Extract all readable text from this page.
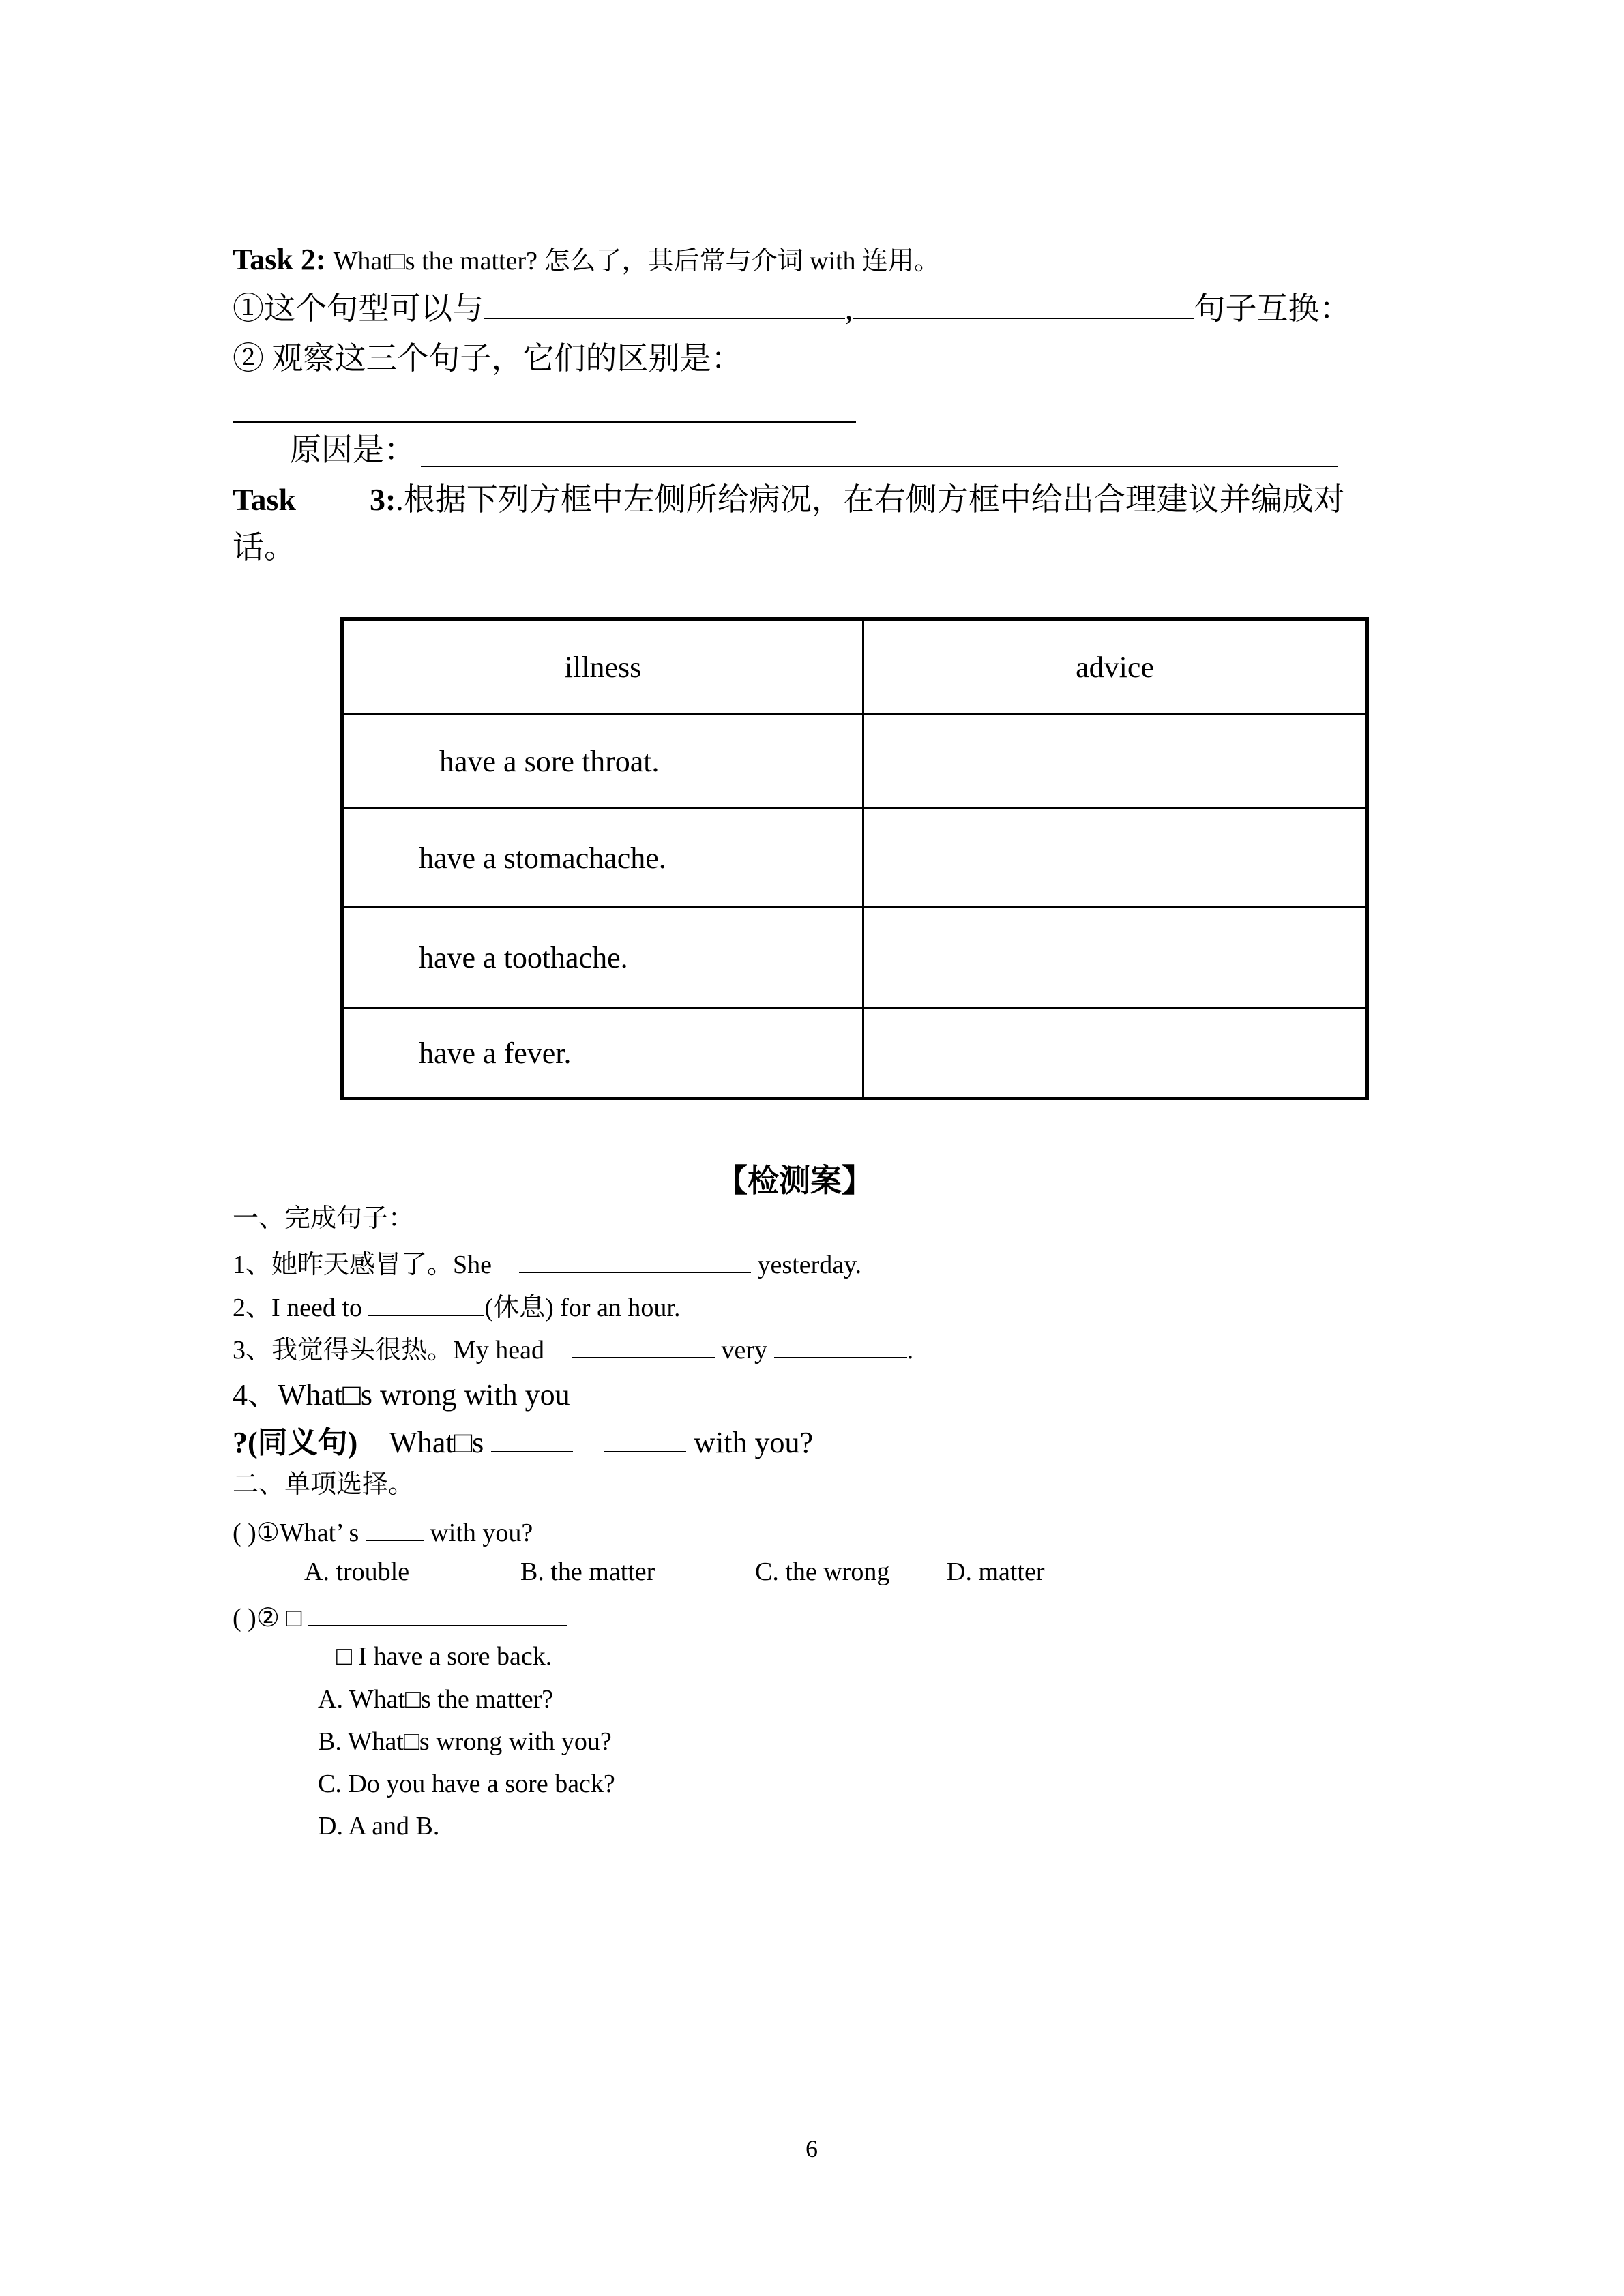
Task 2: What□s the matter? 怎么了，其后常与介词 with 连用。
①这个句型可以与	,	句子互换：
② 观察这三个句子，它们的区别是：
原因是：
Task 3:.根据下列方框中左侧所给病况，在右侧方框中给出合理建议并编成对
话。
illness	advice
have a sore throat.	
have a stomachache.	
have a toothache.	
have a fever.	
【检测案】
一、完成句子：
1、她昨天感冒了。She	yesterday.
2、I need to	(休息) for an hour.
3、我觉得头很热。My head	very	.
4、What□s wrong with you
?(同义句) What□s	with you?
二、单项选择。
( )①What’ s	with you?
A. trouble	B. the matter	C. the wrong D. matter
( )② □
□ I have a sore back.
A. What□s the matter?
B. What□s wrong with you?
C. Do you have a sore back?
D. A and B.
6
